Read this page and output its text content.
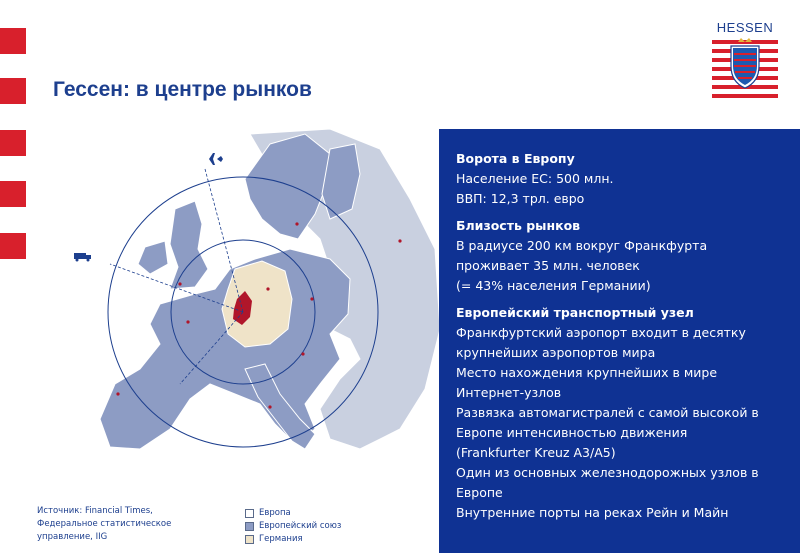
Гессен: в центре рынков
HESSEN
Ворота в Европу
Население ЕС: 500 млн.
ВВП: 12,3 трл. евро
Близость рынков
В радиусе 200 км вокруг Франкфурта
проживает 35 млн. человек
(= 43% населения Германии)
Европейский транспортный узел
Франкфуртский аэропорт входит в десятку
крупнейших аэропортов мира
Место нахождения крупнейших в мире
Интернет-узлов
Развязка автомагистралей с самой высокой в
Европе интенсивностью движения
(Frankfurter Kreuz A3/A5)
Один из основных железнодорожных узлов в
Европе
Внутренние порты на реках Рейн и Майн
Источник: Financial Times,
Федеральное статистическое
управление, IIG
Европа
Европейский союз
Германия
